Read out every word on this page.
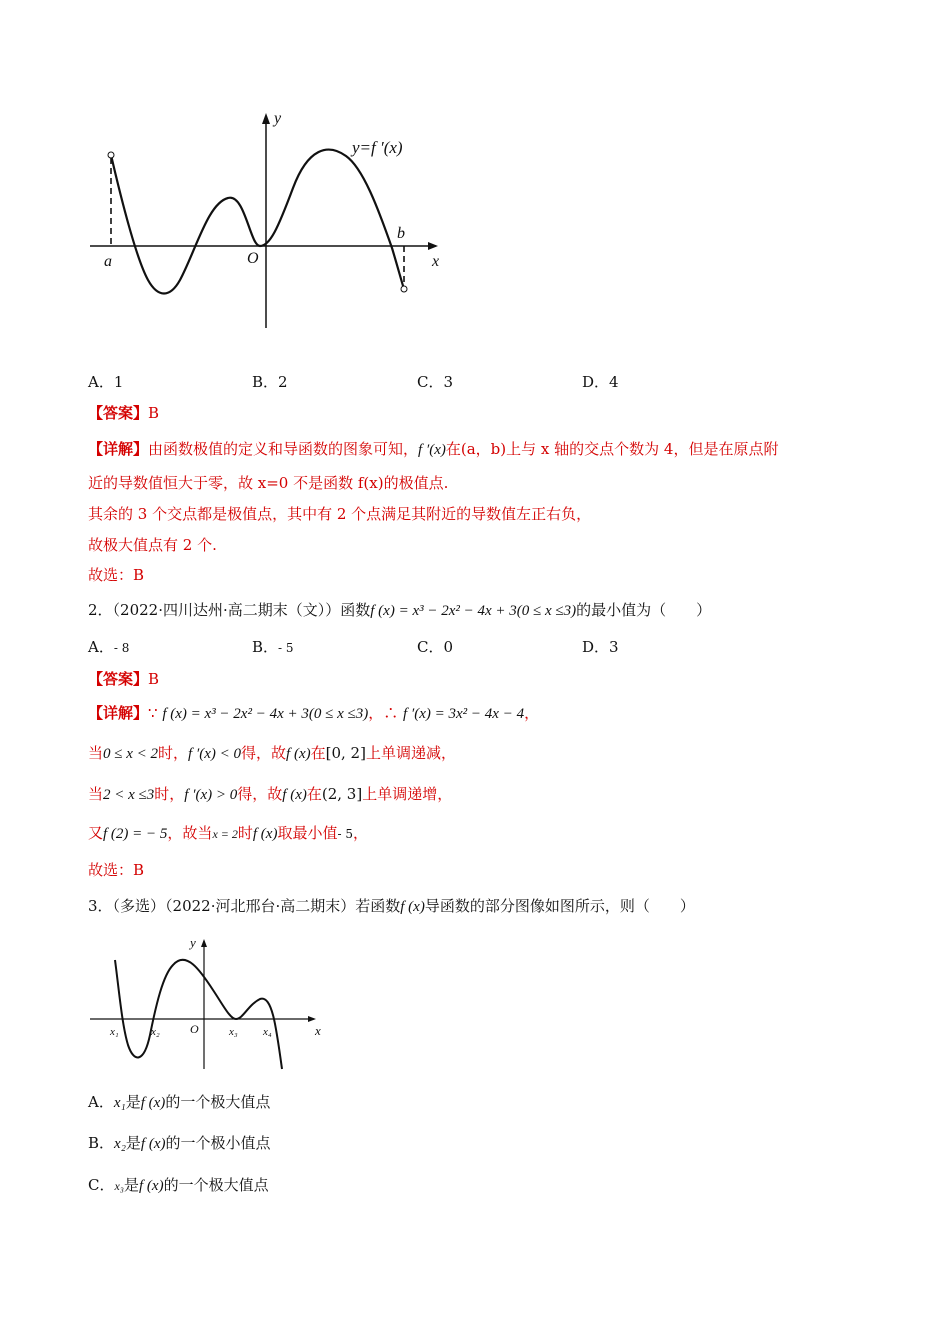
y=f ′(x)
y
x
O
a
b
A．1	B．2	C．3	D．4
【答案】B
【详解】由函数极值的定义和导函数的图象可知，f ′(x)在(a，b)上与 x 轴的交点个数为 4，但是在原点附
近的导数值恒大于零，故 x=0 不是函数 f(x)的极值点.
其余的 3 个交点都是极值点，其中有 2 个点满足其附近的导数值左正右负，
故极大值点有 2 个.
故选：B
2．（2022·四川达州·高二期末（文））函数f (x) = x³ − 2x² − 4x + 3(0 ≤ x ≤3)的最小值为（　　）
A．- 8	B．- 5	C．0	D．3
【答案】B
【详解】∵ f (x) = x³ − 2x² − 4x + 3(0 ≤ x ≤3)，∴ f ′(x) = 3x² − 4x − 4，
当0 ≤ x < 2时，f ′(x) < 0得，故f (x)在[0, 2]上单调递减，
当2 < x ≤3时，f ′(x) > 0得，故f (x)在(2, 3]上单调递增，
又f (2) = − 5，故当x = 2时f (x)取最小值- 5，
故选：B
3．（多选）（2022·河北邢台·高二期末）若函数f (x)导函数的部分图像如图所示，则（　　）
y
x
O
x₁	x₂	x₃ x₄
A．x₁是f (x)的一个极大值点
B．x₂是f (x)的一个极小值点
C．x₃是f (x)的一个极大值点
